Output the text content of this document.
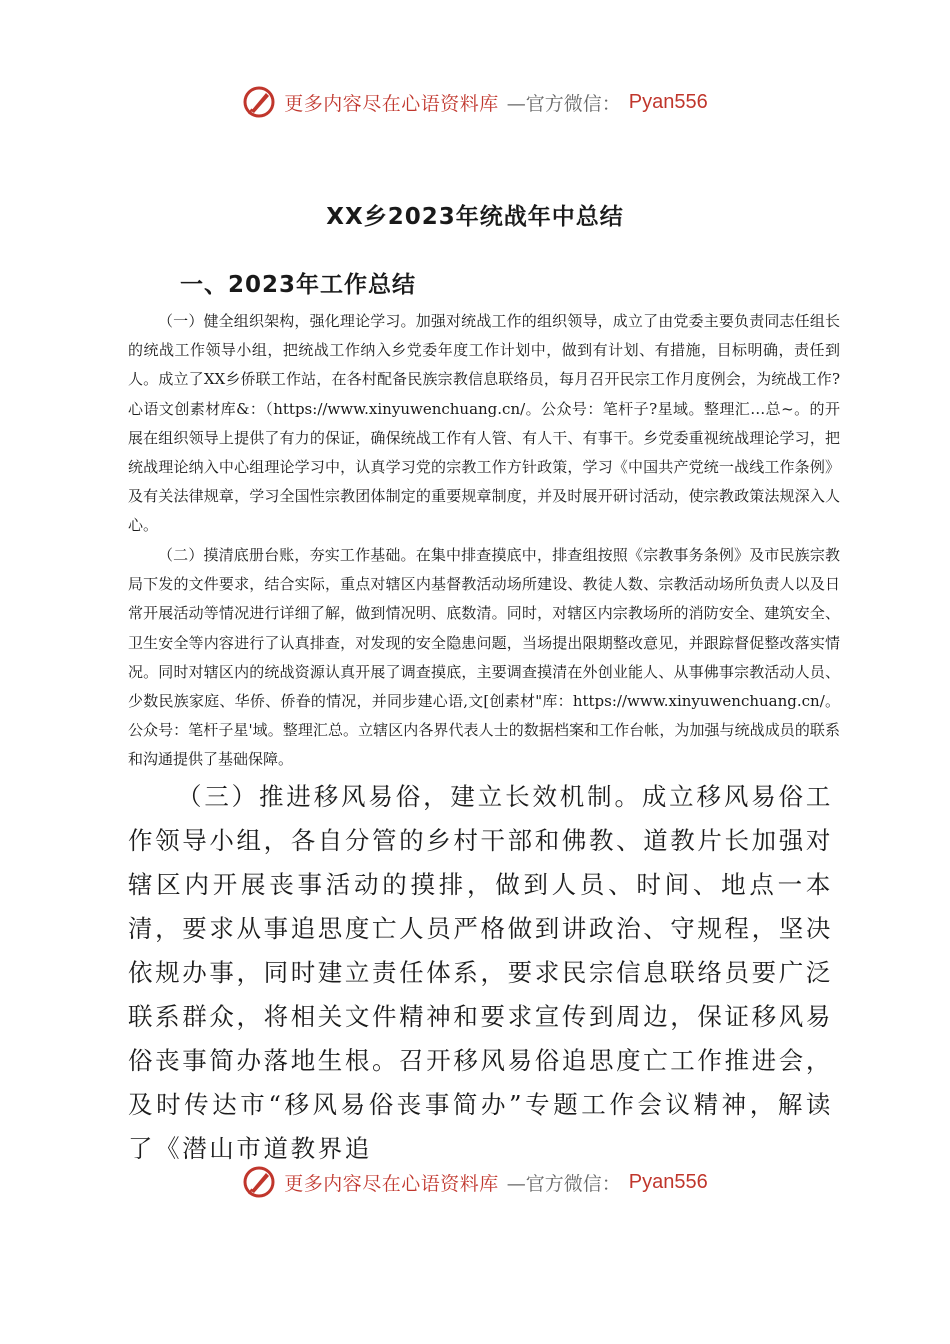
更多内容尽在心语资料库 —官方微信： Pyan556
XX乡2023年统战年中总结
一、2023年工作总结

（一）健全组织架构，强化理论学习。加强对统战工作的组织领导，成立了由党委主要负责同志任组长的统战工作领导小组，把统战工作纳入乡党委年度工作计划中，做到有计划、有措施，目标明确，责任到人。成立了XX乡侨联工作站，在各村配备民族宗教信息联络员，每月召开民宗工作月度例会，为统战工作?心语文创素材库&：（https://www.xinyuwenchuang.cn/。公众号：笔杆子?星域。整理汇…总~。的开展在组织领导上提供了有力的保证，确保统战工作有人管、有人干、有事干。乡党委重视统战理论学习，把统战理论纳入中心组理论学习中，认真学习党的宗教工作方针政策，学习《中国共产党统一战线工作条例》及有关法律规章，学习全国性宗教团体制定的重要规章制度，并及时展开研讨活动，使宗教政策法规深入人心。

（二）摸清底册台账，夯实工作基础。在集中排查摸底中，排查组按照《宗教事务条例》及市民族宗教局下发的文件要求，结合实际，重点对辖区内基督教活动场所建设、教徒人数、宗教活动场所负责人以及日常开展活动等情况进行详细了解，做到情况明、底数清。同时，对辖区内宗教场所的消防安全、建筑安全、卫生安全等内容进行了认真排查，对发现的安全隐患问题，当场提出限期整改意见，并跟踪督促整改落实情况。同时对辖区内的统战资源认真开展了调查摸底，主要调查摸清在外创业能人、从事佛事宗教活动人员、少数民族家庭、华侨、侨眷的情况，并同步建心语,文[创素材"库：https://www.xinyuwenchuang.cn/。公众号：笔杆子星'域。整理汇总。立辖区内各界代表人士的数据档案和工作台帐，为加强与统战成员的联系和沟通提供了基础保障。

（三）推进移风易俗，建立长效机制。成立移风易俗工作领导小组，各自分管的乡村干部和佛教、道教片长加强对辖区内开展丧事活动的摸排，做到人员、时间、地点一本清，要求从事追思度亡人员严格做到讲政治、守规程，坚决依规办事，同时建立责任体系，要求民宗信息联络员要广泛联系群众，将相关文件精神和要求宣传到周边，保证移风易俗丧事简办落地生根。召开移风易俗追思度亡工作推进会，及时传达市“移风易俗丧事简办”专题工作会议精神，解读了《潜山市道教界追

更多内容尽在心语资料库 —官方微信： Pyan556
